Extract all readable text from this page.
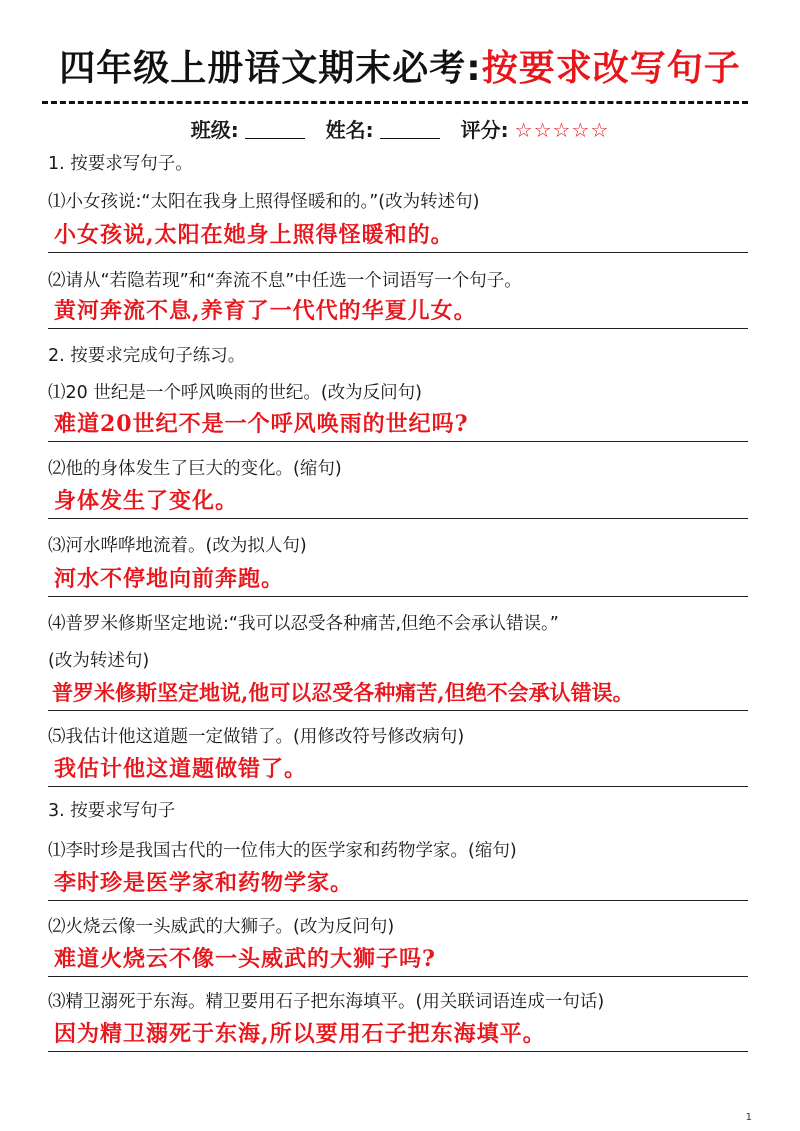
四年级上册语文期末必考:按要求改写句子
班级:	姓名:	评分: ☆☆☆☆☆
1. 按要求写句子。
⑴小女孩说:“太阳在我身上照得怪暖和的。”(改为转述句)
小女孩说,太阳在她身上照得怪暖和的。
⑵请从“若隐若现”和“奔流不息”中任选一个词语写一个句子。
黄河奔流不息,养育了一代代的华夏儿女。
2. 按要求完成句子练习。
⑴20 世纪是一个呼风唤雨的世纪。(改为反问句)
难道20世纪不是一个呼风唤雨的世纪吗?
⑵他的身体发生了巨大的变化。(缩句)
身体发生了变化。
⑶河水哗哗地流着。(改为拟人句)
河水不停地向前奔跑。
⑷普罗米修斯坚定地说:“我可以忍受各种痛苦,但绝不会承认错误。”
(改为转述句)
普罗米修斯坚定地说,他可以忍受各种痛苦,但绝不会承认错误。
⑸我估计他这道题一定做错了。(用修改符号修改病句)
我估计他这道题做错了。
3. 按要求写句子
⑴李时珍是我国古代的一位伟大的医学家和药物学家。(缩句)
李时珍是医学家和药物学家。
⑵火烧云像一头威武的大狮子。(改为反问句)
难道火烧云不像一头威武的大狮子吗?
⑶精卫溺死于东海。精卫要用石子把东海填平。(用关联词语连成一句话)
因为精卫溺死于东海,所以要用石子把东海填平。
1
